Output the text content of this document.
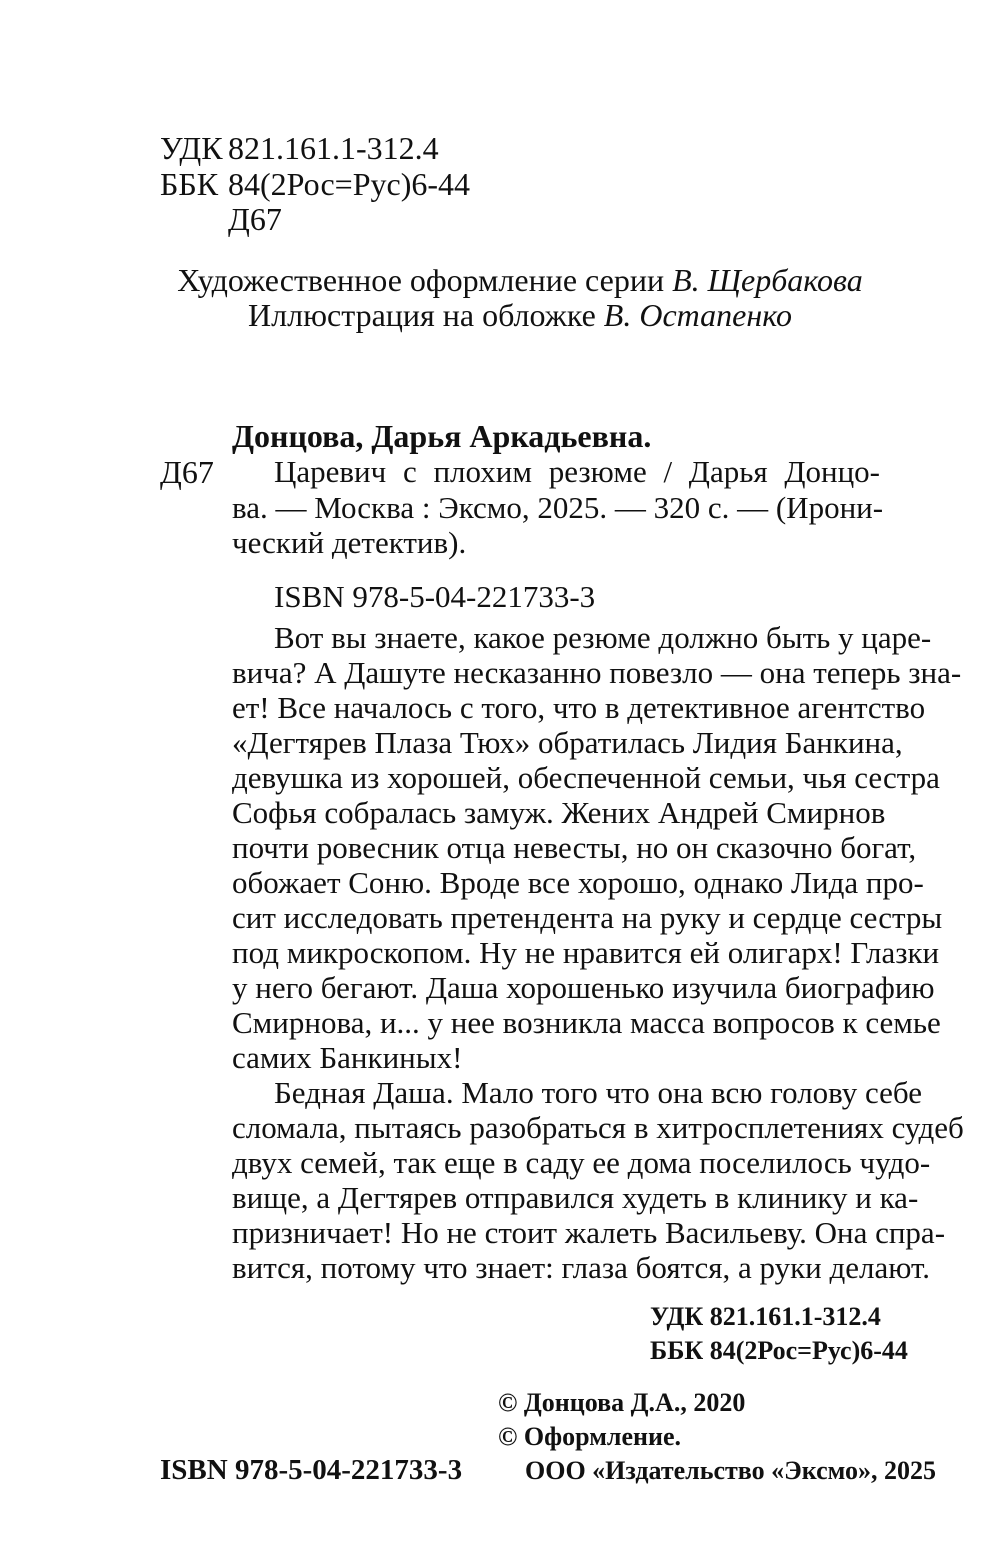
УДК 821.161.1-312.4
ББК 84(2Рос=Рус)6-44
Д67
Художественное оформление серии В. Щербакова
Иллюстрация на обложке В. Остапенко
Донцова, Дарья Аркадьевна.
Д67 Царевич с плохим резюме / Дарья Донцо-
ва. — Москва : Эксмо, 2025. — 320 с. — (Ирони-
ческий детектив).
ISBN 978-5-04-221733-3
Вот вы знаете, какое резюме должно быть у царе-
вича? А Дашуте несказанно повезло — она теперь зна-
ет! Все началось с того, что в детективное агентство
«Дегтярев Плаза Тюх» обратилась Лидия Банкина,
девушка из хорошей, обеспеченной семьи, чья сестра
Софья собралась замуж. Жених Андрей Смирнов
почти ровесник отца невесты, но он сказочно богат,
обожает Соню. Вроде все хорошо, однако Лида про-
сит исследовать претендента на руку и сердце сестры
под микроскопом. Ну не нравится ей олигарх! Глазки
у него бегают. Даша хорошенько изучила биографию
Смирнова, и... у нее возникла масса вопросов к семье
самих Банкиных!
Бедная Даша. Мало того что она всю голову себе
сломала, пытаясь разобраться в хитросплетениях судеб
двух семей, так еще в саду ее дома поселилось чудо-
вище, а Дегтярев отправился худеть в клинику и ка-
призничает! Но не стоит жалеть Васильеву. Она спра-
вится, потому что знает: глаза боятся, а руки делают.
УДК 821.161.1-312.4
ББК 84(2Рос=Рус)6-44
© Донцова Д.А., 2020
© Оформление.
ООО «Издательство «Эксмо», 2025
ISBN 978-5-04-221733-3
